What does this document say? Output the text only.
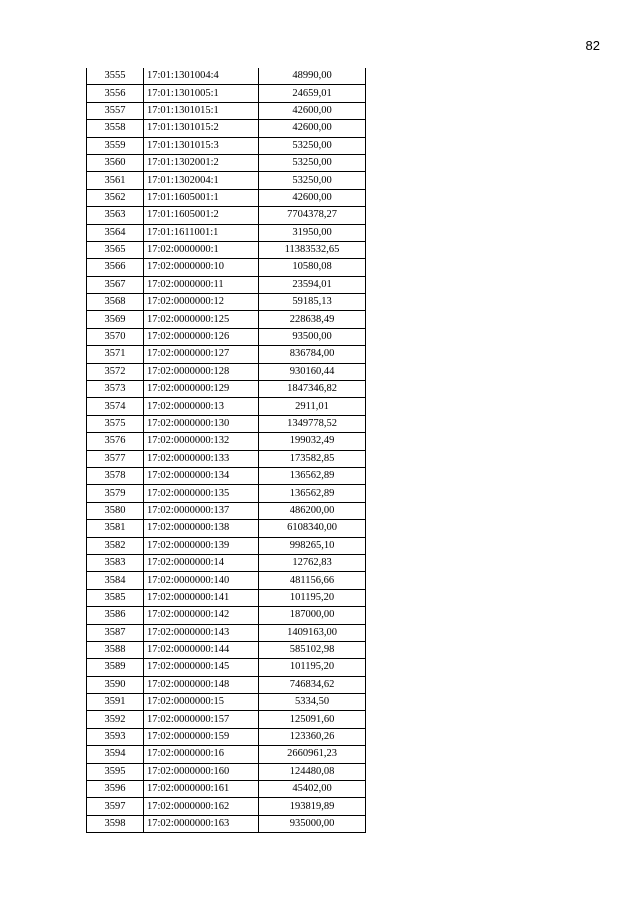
82
3555	17:01:1301004:4	48990,00
3556	17:01:1301005:1	24659,01
3557	17:01:1301015:1	42600,00
3558	17:01:1301015:2	42600,00
3559	17:01:1301015:3	53250,00
3560	17:01:1302001:2	53250,00
3561	17:01:1302004:1	53250,00
3562	17:01:1605001:1	42600,00
3563	17:01:1605001:2	7704378,27
3564	17:01:1611001:1	31950,00
3565	17:02:0000000:1	11383532,65
3566	17:02:0000000:10	10580,08
3567	17:02:0000000:11	23594,01
3568	17:02:0000000:12	59185,13
3569	17:02:0000000:125	228638,49
3570	17:02:0000000:126	93500,00
3571	17:02:0000000:127	836784,00
3572	17:02:0000000:128	930160,44
3573	17:02:0000000:129	1847346,82
3574	17:02:0000000:13	2911,01
3575	17:02:0000000:130	1349778,52
3576	17:02:0000000:132	199032,49
3577	17:02:0000000:133	173582,85
3578	17:02:0000000:134	136562,89
3579	17:02:0000000:135	136562,89
3580	17:02:0000000:137	486200,00
3581	17:02:0000000:138	6108340,00
3582	17:02:0000000:139	998265,10
3583	17:02:0000000:14	12762,83
3584	17:02:0000000:140	481156,66
3585	17:02:0000000:141	101195,20
3586	17:02:0000000:142	187000,00
3587	17:02:0000000:143	1409163,00
3588	17:02:0000000:144	585102,98
3589	17:02:0000000:145	101195,20
3590	17:02:0000000:148	746834,62
3591	17:02:0000000:15	5334,50
3592	17:02:0000000:157	125091,60
3593	17:02:0000000:159	123360,26
3594	17:02:0000000:16	2660961,23
3595	17:02:0000000:160	124480,08
3596	17:02:0000000:161	45402,00
3597	17:02:0000000:162	193819,89
3598	17:02:0000000:163	935000,00
